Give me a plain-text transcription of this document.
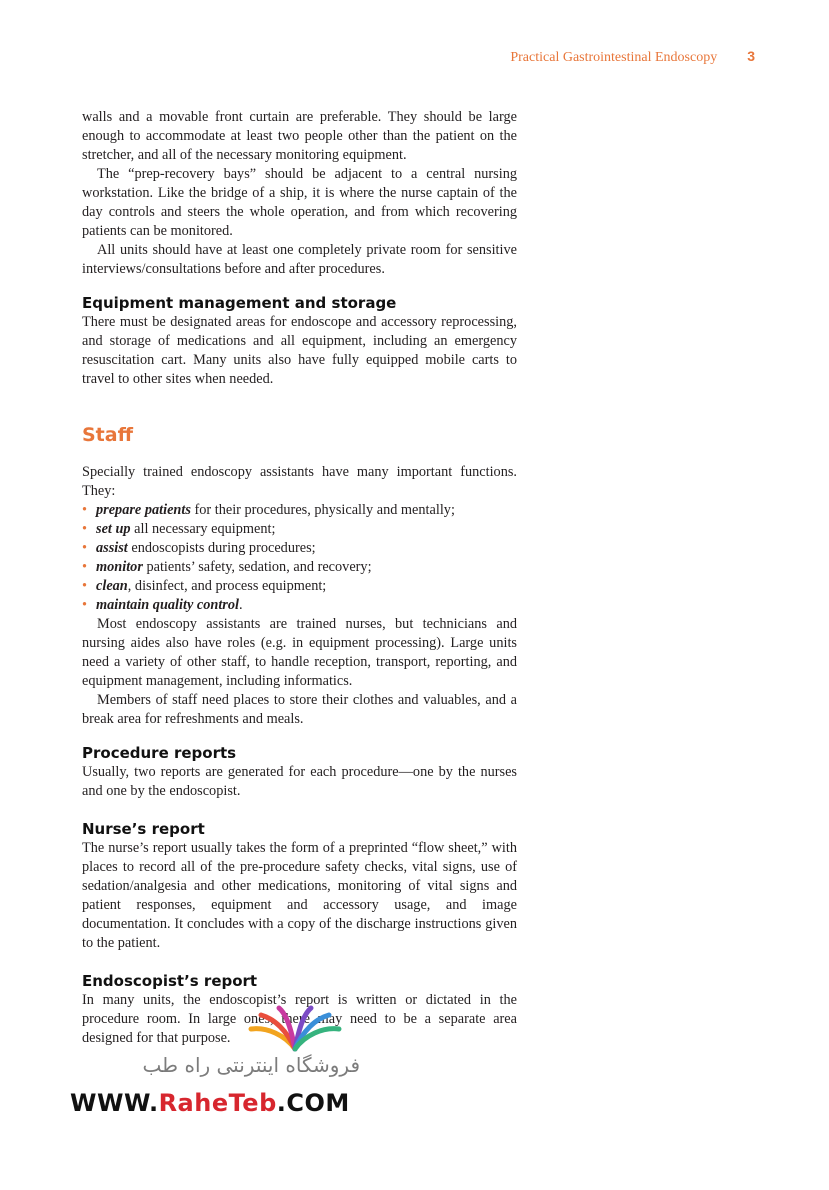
Practical Gastrointestinal Endoscopy 3

walls and a movable front curtain are preferable. They should be large enough to accommodate at least two people other than the patient on the stretcher, and all of the necessary monitoring equipment.

The “prep-recovery bays” should be adjacent to a central nursing workstation. Like the bridge of a ship, it is where the nurse captain of the day controls and steers the whole operation, and from which recovering patients can be monitored.

All units should have at least one completely private room for sensitive interviews/consultations before and after procedures.

Equipment management and storage

There must be designated areas for endoscope and accessory reprocessing, and storage of medications and all equipment, including an emergency resuscitation cart. Many units also have fully equipped mobile carts to travel to other sites when needed.

Staff

Specially trained endoscopy assistants have many important functions. They:

• prepare patients for their procedures, physically and mentally;
• set up all necessary equipment;
• assist endoscopists during procedures;
• monitor patients’ safety, sedation, and recovery;
• clean, disinfect, and process equipment;
• maintain quality control.

Most endoscopy assistants are trained nurses, but technicians and nursing aides also have roles (e.g. in equipment processing). Large units need a variety of other staff, to handle reception, transport, reporting, and equipment management, including informatics.

Members of staff need places to store their clothes and valuables, and a break area for refreshments and meals.

Procedure reports

Usually, two reports are generated for each procedure—one by the nurses and one by the endoscopist.

Nurse’s report

The nurse’s report usually takes the form of a preprinted “flow sheet,” with places to record all of the pre-procedure safety checks, vital signs, use of sedation/analgesia and other medications, monitoring of vital signs and patient responses, equipment and accessory usage, and image documentation. It concludes with a copy of the discharge instructions given to the patient.

Endoscopist’s report

In many units, the endoscopist’s report is written or dictated in the procedure room. In large ones, there may need to be a separate area designed for that purpose.

فروشگاه اینترنتی راه طب
WWW.RaheTeb.COM
